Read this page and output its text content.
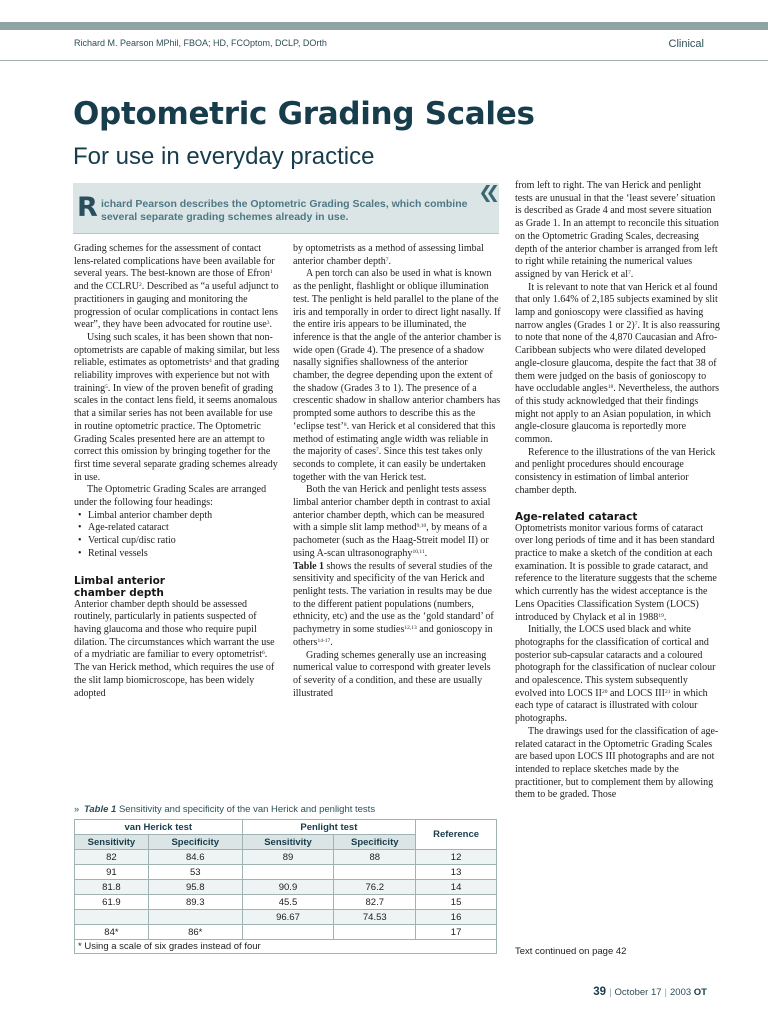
Richard M. Pearson MPhil, FBOA; HD, FCOptom, DCLP, DOrth	Clinical
Optometric Grading Scales
For use in everyday practice
R ichard Pearson describes the Optometric Grading Scales, which combine several separate grading schemes already in use.
❮❮

Grading schemes for the assessment of contact lens-related complications have been available for several years. The best-known are those of Efron$^1$ and the CCLRU$^2$. Described as “a useful adjunct to practitioners in gauging and monitoring the progression of ocular complications in contact lens wear”, they have been advocated for routine use$^3$.

Using such scales, it has been shown that non-optometrists are capable of making similar, but less reliable, estimates as optometrists$^4$ and that grading reliability improves with experience but not with training$^5$. In view of the proven benefit of grading scales in the contact lens field, it seems anomalous that a similar series has not been available for use in routine optometric practice. The Optometric Grading Scales presented here are an attempt to correct this omission by bringing together for the first time several separate grading schemes already in use.

The Optometric Grading Scales are arranged under the following four headings:

• Limbal anterior chamber depth
• Age-related cataract
• Vertical cup/disc ratio
• Retinal vessels
Limbal anterior chamber depth

Anterior chamber depth should be assessed routinely, particularly in patients suspected of having glaucoma and those who require pupil dilation. The circumstances which warrant the use of a mydriatic are familiar to every optometrist$^6$. The van Herick method, which requires the use of the slit lamp biomicroscope, has been widely adopted

by optometrists as a method of assessing limbal anterior chamber depth$^7$.

A pen torch can also be used in what is known as the penlight, flashlight or oblique illumination test. The penlight is held parallel to the plane of the iris and temporally in order to direct light nasally. If the entire iris appears to be illuminated, the inference is that the angle of the anterior chamber is wide open (Grade 4). The presence of a shadow nasally signifies shallowness of the anterior chamber, the degree depending upon the extent of the shadow (Grades 3 to 1). The presence of a crescentic shadow in shallow anterior chambers has prompted some authors to describe this as the ‘eclipse test’$^8$. van Herick et al considered that this method of estimating angle width was reliable in the majority of cases$^7$. Since this test takes only seconds to complete, it can easily be undertaken together with the van Herick test.

Both the van Herick and penlight tests assess limbal anterior chamber depth in contrast to axial anterior chamber depth, which can be measured with a simple slit lamp method$^{9,10}$, by means of a pachometer (such as the Haag-Streit model II) or using A-scan ultrasonography$^{10,11}$.

Table 1 shows the results of several studies of the sensitivity and specificity of the van Herick and penlight tests. The variation in results may be due to the different patient populations (numbers, ethnicity, etc) and the use as the ‘gold standard’ of pachymetry in some studies$^{12,13}$ and gonioscopy in others$^{14-17}$.

Grading schemes generally use an increasing numerical value to correspond with greater levels of severity of a condition, and these are usually illustrated

from left to right. The van Herick and penlight tests are unusual in that the ‘least severe’ situation is described as Grade 4 and most severe situation as Grade 1. In an attempt to reconcile this situation on the Optometric Grading Scales, decreasing depth of the anterior chamber is arranged from left to right while retaining the numerical values assigned by van Herick et $al^7$.

It is relevant to note that van Herick et al found that only 1.64% of 2,185 subjects examined by slit lamp and gonioscopy were classified as having narrow angles (Grades 1 or 2)$^7$. It is also reassuring to note that none of the 4,870 Caucasian and Afro-Caribbean subjects who were dilated developed angle-closure glaucoma, despite the fact that 38 of them were judged on the basis of gonioscopy to have occludable angles$^{18}$. Nevertheless, the authors of this study acknowledged that their findings might not apply to an Asian population, in which angle-closure glaucoma is reportedly more common.

Reference to the illustrations of the van Herick and penlight procedures should encourage consistency in estimation of limbal anterior chamber depth.

Age-related cataract

Optometrists monitor various forms of cataract over long periods of time and it has been standard practice to make a sketch of the condition at each examination. It is possible to grade cataract, and reference to the literature suggests that the scheme which currently has the widest acceptance is the Lens Opacities Classification System (LOCS) introduced by Chylack et al in 1988$^{19}$.

Initially, the LOCS used black and white photographs for the classification of cortical and posterior sub-capsular cataracts and a coloured photograph for the classification of nuclear colour and opalescence. This system subsequently evolved into LOCS II$^{20}$ and LOCS III$^{21}$ in which each type of cataract is illustrated with colour photographs.

The drawings used for the classification of age-related cataract in the Optometric Grading Scales are based upon LOCS III photographs and are not intended to replace sketches made by the practitioner, but to complement them by allowing them to be graded. Those

» Table 1 Sensitivity and specificity of the van Herick and penlight tests
van Herick test		Penlight test		Reference
Sensitivity	Specificity	Sensitivity	Specificity	
82	84.6	89	88	12
91	53			13
81.8	95.8	90.9	76.2	14
61.9	89.3	45.5	82.7	15
		96.67	74.53	16
84*	86*			17
* Using a scale of six grades instead of four					Text continued on page 42
39 | October 17 | 2003 OT
